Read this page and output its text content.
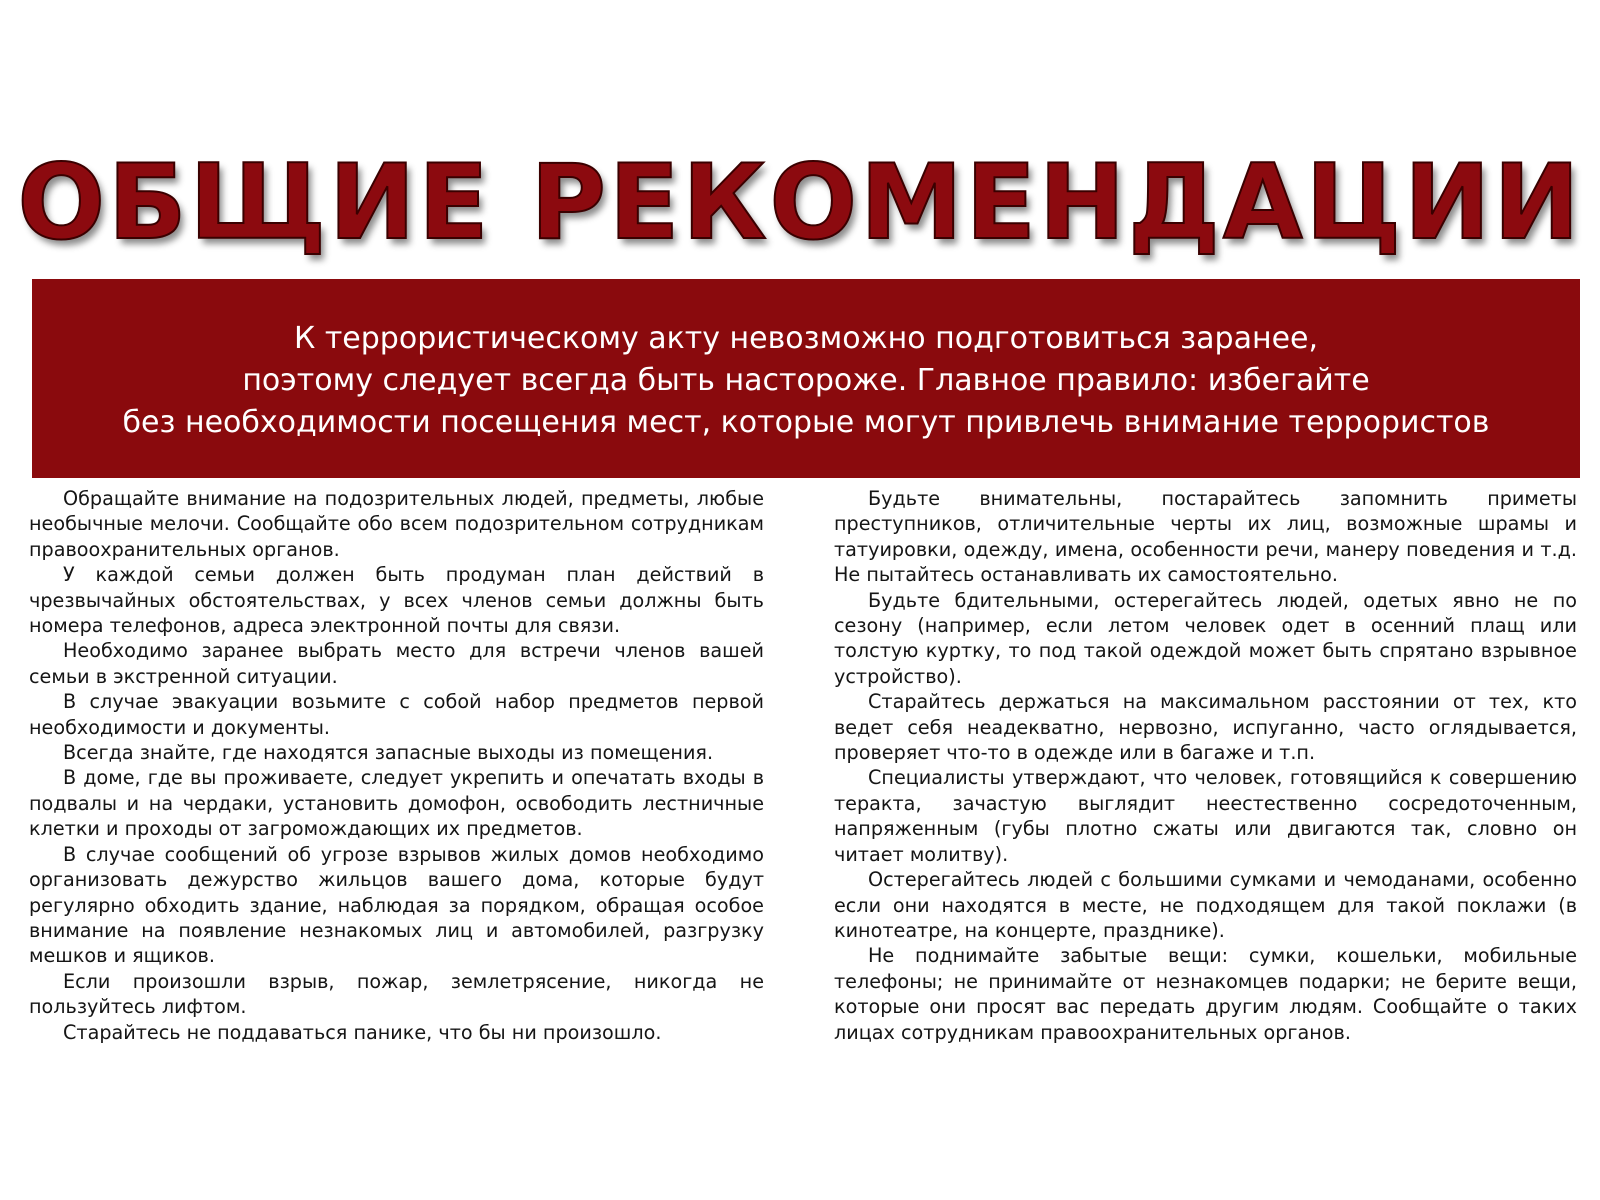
ОБЩИЕ РЕКОМЕНДАЦИИ
К террористическому акту невозможно подготовиться заранее,
поэтому следует всегда быть настороже. Главное правило: избегайте
без необходимости посещения мест, которые могут привлечь внимание террористов

Обращайте внимание на подозрительных людей, предметы, любые необычные мелочи. Сообщайте обо всем подозрительном сотрудникам правоохранительных органов.

У каждой семьи должен быть продуман план действий в чрезвычайных обстоятельствах, у всех членов семьи должны быть номера телефонов, адреса электронной почты для связи.

Необходимо заранее выбрать место для встречи членов вашей семьи в экстренной ситуации.

В случае эвакуации возьмите с собой набор предметов первой необходимости и документы.

Всегда знайте, где находятся запасные выходы из помещения.

В доме, где вы проживаете, следует укрепить и опечатать входы в подвалы и на чердаки, установить домофон, освободить лестничные клетки и проходы от загромождающих их предметов.

В случае сообщений об угрозе взрывов жилых домов необходимо организовать дежурство жильцов вашего дома, которые будут регулярно обходить здание, наблюдая за порядком, обращая особое внимание на появление незнакомых лиц и автомобилей, разгрузку мешков и ящиков.

Если произошли взрыв, пожар, землетрясение, никогда не пользуйтесь лифтом.

Старайтесь не поддаваться панике, что бы ни произошло.

Будьте внимательны, постарайтесь запомнить приметы преступников, отличительные черты их лиц, возможные шрамы и татуировки, одежду, имена, особенности речи, манеру поведения и т.д. Не пытайтесь останавливать их самостоятельно.

Будьте бдительными, остерегайтесь людей, одетых явно не по сезону (например, если летом человек одет в осенний плащ или толстую куртку, то под такой одеждой может быть спрятано взрывное устройство).

Старайтесь держаться на максимальном расстоянии от тех, кто ведет себя неадекватно, нервозно, испуганно, часто оглядывается, проверяет что-то в одежде или в багаже и т.п.

Специалисты утверждают, что человек, готовящийся к совершению теракта, зачастую выглядит неестественно сосредоточенным, напряженным (губы плотно сжаты или двигаются так, словно он читает молитву).

Остерегайтесь людей с большими сумками и чемоданами, особенно если они находятся в месте, не подходящем для такой поклажи (в кинотеатре, на концерте, празднике).

Не поднимайте забытые вещи: сумки, кошельки, мобильные телефоны; не принимайте от незнакомцев подарки; не берите вещи, которые они просят вас передать другим людям. Сообщайте о таких лицах сотрудникам правоохранительных органов.
